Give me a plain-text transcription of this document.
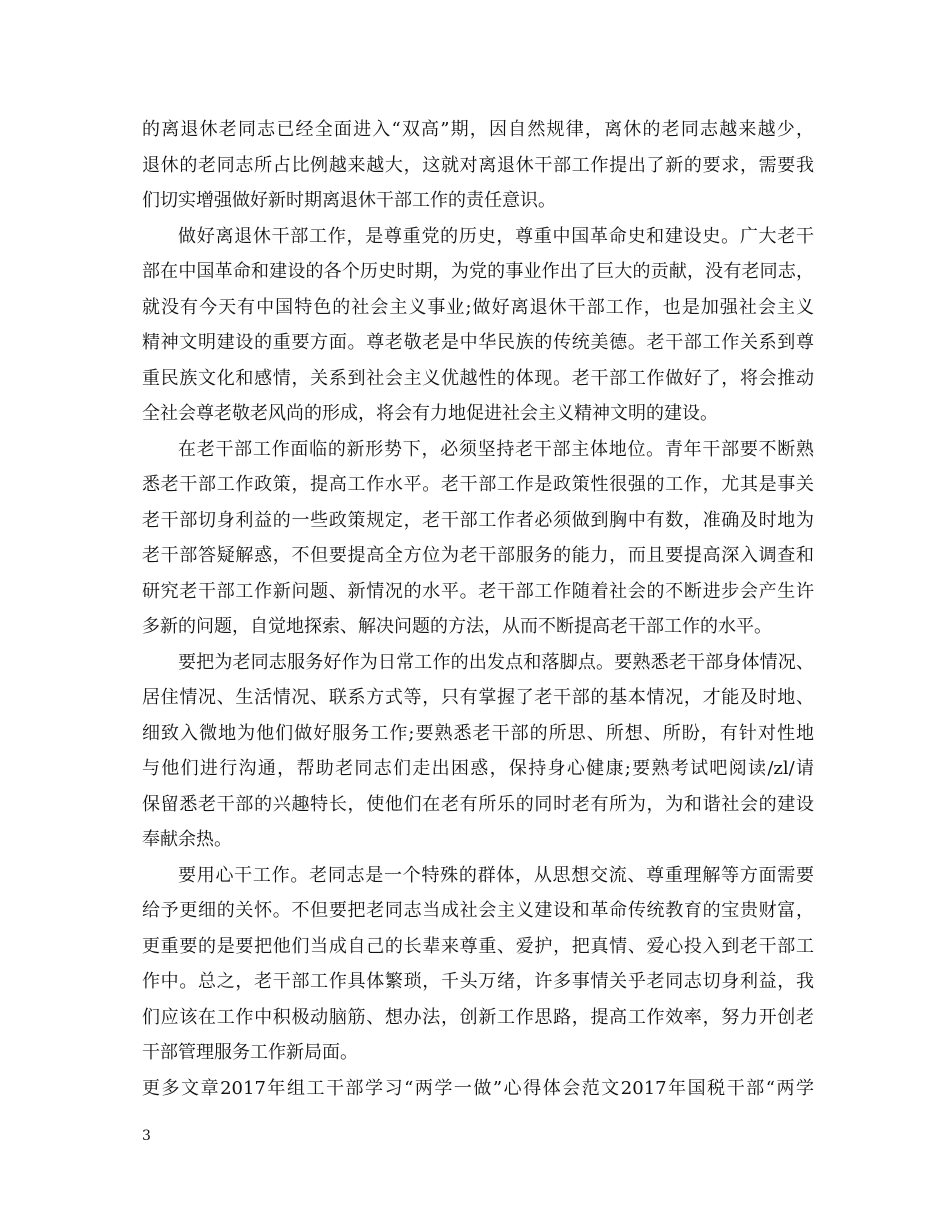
的离退休老同志已经全面进入“双高”期，因自然规律，离休的老同志越来越少，
退休的老同志所占比例越来越大，这就对离退休干部工作提出了新的要求，需要我
们切实增强做好新时期离退休干部工作的责任意识。
做好离退休干部工作，是尊重党的历史，尊重中国革命史和建设史。广大老干
部在中国革命和建设的各个历史时期，为党的事业作出了巨大的贡献，没有老同志，
就没有今天有中国特色的社会主义事业;做好离退休干部工作，也是加强社会主义
精神文明建设的重要方面。尊老敬老是中华民族的传统美德。老干部工作关系到尊
重民族文化和感情，关系到社会主义优越性的体现。老干部工作做好了，将会推动
全社会尊老敬老风尚的形成，将会有力地促进社会主义精神文明的建设。
在老干部工作面临的新形势下，必须坚持老干部主体地位。青年干部要不断熟
悉老干部工作政策，提高工作水平。老干部工作是政策性很强的工作，尤其是事关
老干部切身利益的一些政策规定，老干部工作者必须做到胸中有数，准确及时地为
老干部答疑解惑，不但要提高全方位为老干部服务的能力，而且要提高深入调查和
研究老干部工作新问题、新情况的水平。老干部工作随着社会的不断进步会产生许
多新的问题，自觉地探索、解决问题的方法，从而不断提高老干部工作的水平。
要把为老同志服务好作为日常工作的出发点和落脚点。要熟悉老干部身体情况、
居住情况、生活情况、联系方式等，只有掌握了老干部的基本情况，才能及时地、
细致入微地为他们做好服务工作;要熟悉老干部的所思、所想、所盼，有针对性地
与他们进行沟通，帮助老同志们走出困惑，保持身心健康;要熟考试吧阅读/zl/请
保留悉老干部的兴趣特长，使他们在老有所乐的同时老有所为，为和谐社会的建设
奉献余热。
要用心干工作。老同志是一个特殊的群体，从思想交流、尊重理解等方面需要
给予更细的关怀。不但要把老同志当成社会主义建设和革命传统教育的宝贵财富，
更重要的是要把他们当成自己的长辈来尊重、爱护，把真情、爱心投入到老干部工
作中。总之，老干部工作具体繁琐，千头万绪，许多事情关乎老同志切身利益，我
们应该在工作中积极动脑筋、想办法，创新工作思路，提高工作效率，努力开创老
干部管理服务工作新局面。
更多文章2017年组工干部学习“两学一做”心得体会范文2017年国税干部“两学
3
